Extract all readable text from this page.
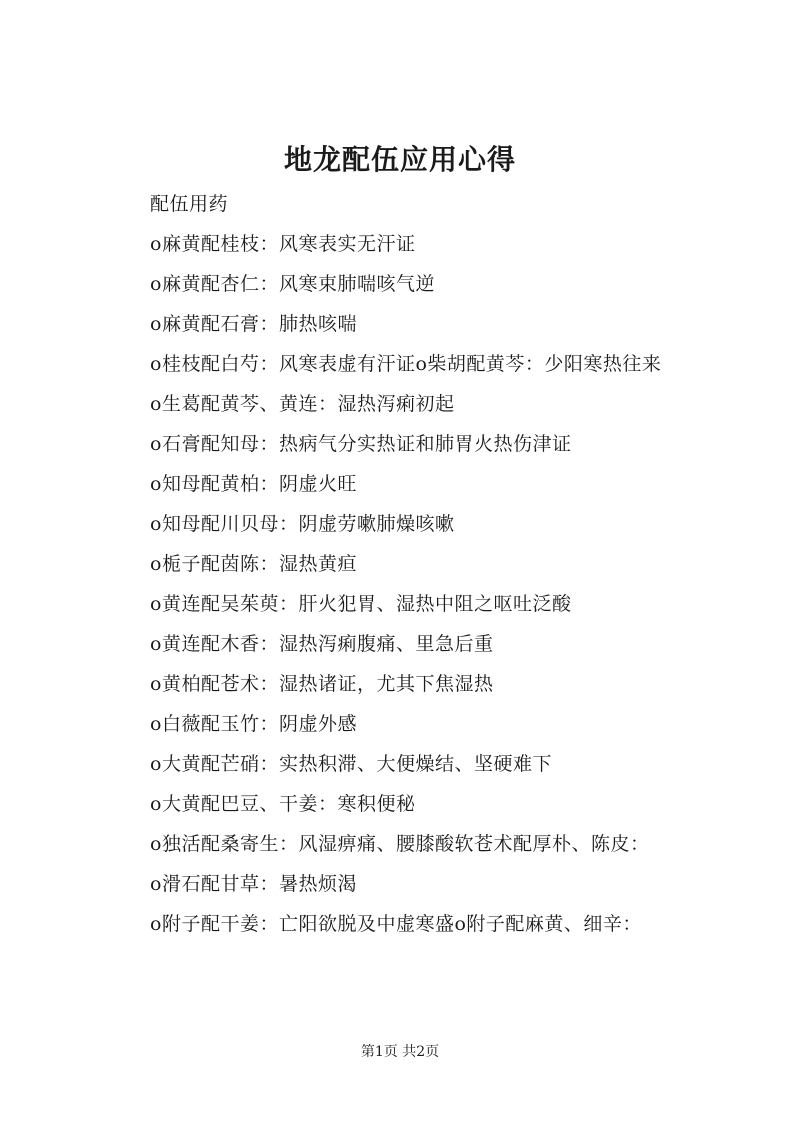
地龙配伍应用心得

配伍用药

o麻黄配桂枝：风寒表实无汗证

o麻黄配杏仁：风寒束肺喘咳气逆

o麻黄配石膏：肺热咳喘

o桂枝配白芍：风寒表虚有汗证o柴胡配黄芩：少阳寒热往来

o生葛配黄芩、黄连：湿热泻痢初起

o石膏配知母：热病气分实热证和肺胃火热伤津证

o知母配黄柏：阴虚火旺

o知母配川贝母：阴虚劳嗽肺燥咳嗽

o栀子配茵陈：湿热黄疸

o黄连配吴茱萸：肝火犯胃、湿热中阻之呕吐泛酸

o黄连配木香：湿热泻痢腹痛、里急后重

o黄柏配苍术：湿热诸证，尤其下焦湿热

o白薇配玉竹：阴虚外感

o大黄配芒硝：实热积滞、大便燥结、坚硬难下

o大黄配巴豆、干姜：寒积便秘

o独活配桑寄生：风湿痹痛、腰膝酸软苍术配厚朴、陈皮：

o滑石配甘草：暑热烦渴

o附子配干姜：亡阳欲脱及中虚寒盛o附子配麻黄、细辛：

第1页 共2页
